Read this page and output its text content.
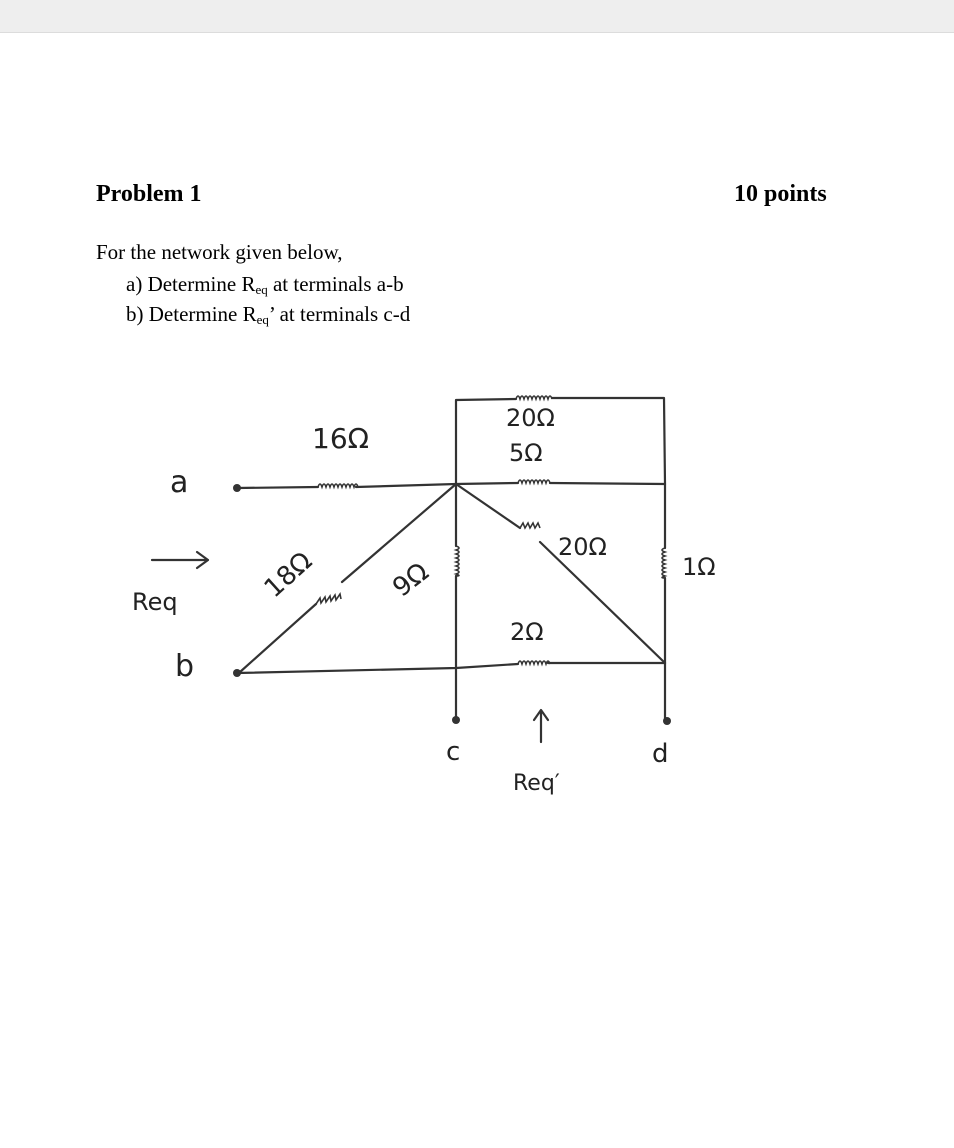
Problem 1	10 points
For the network given below,
a) Determine $R_{eq}$ at terminals a-b
b) Determine $R_{eq}$’ at terminals c-d
a
b
c	d
Req
Req′
16Ω
18Ω	9Ω
20Ω
5Ω
20Ω
1Ω
2Ω
